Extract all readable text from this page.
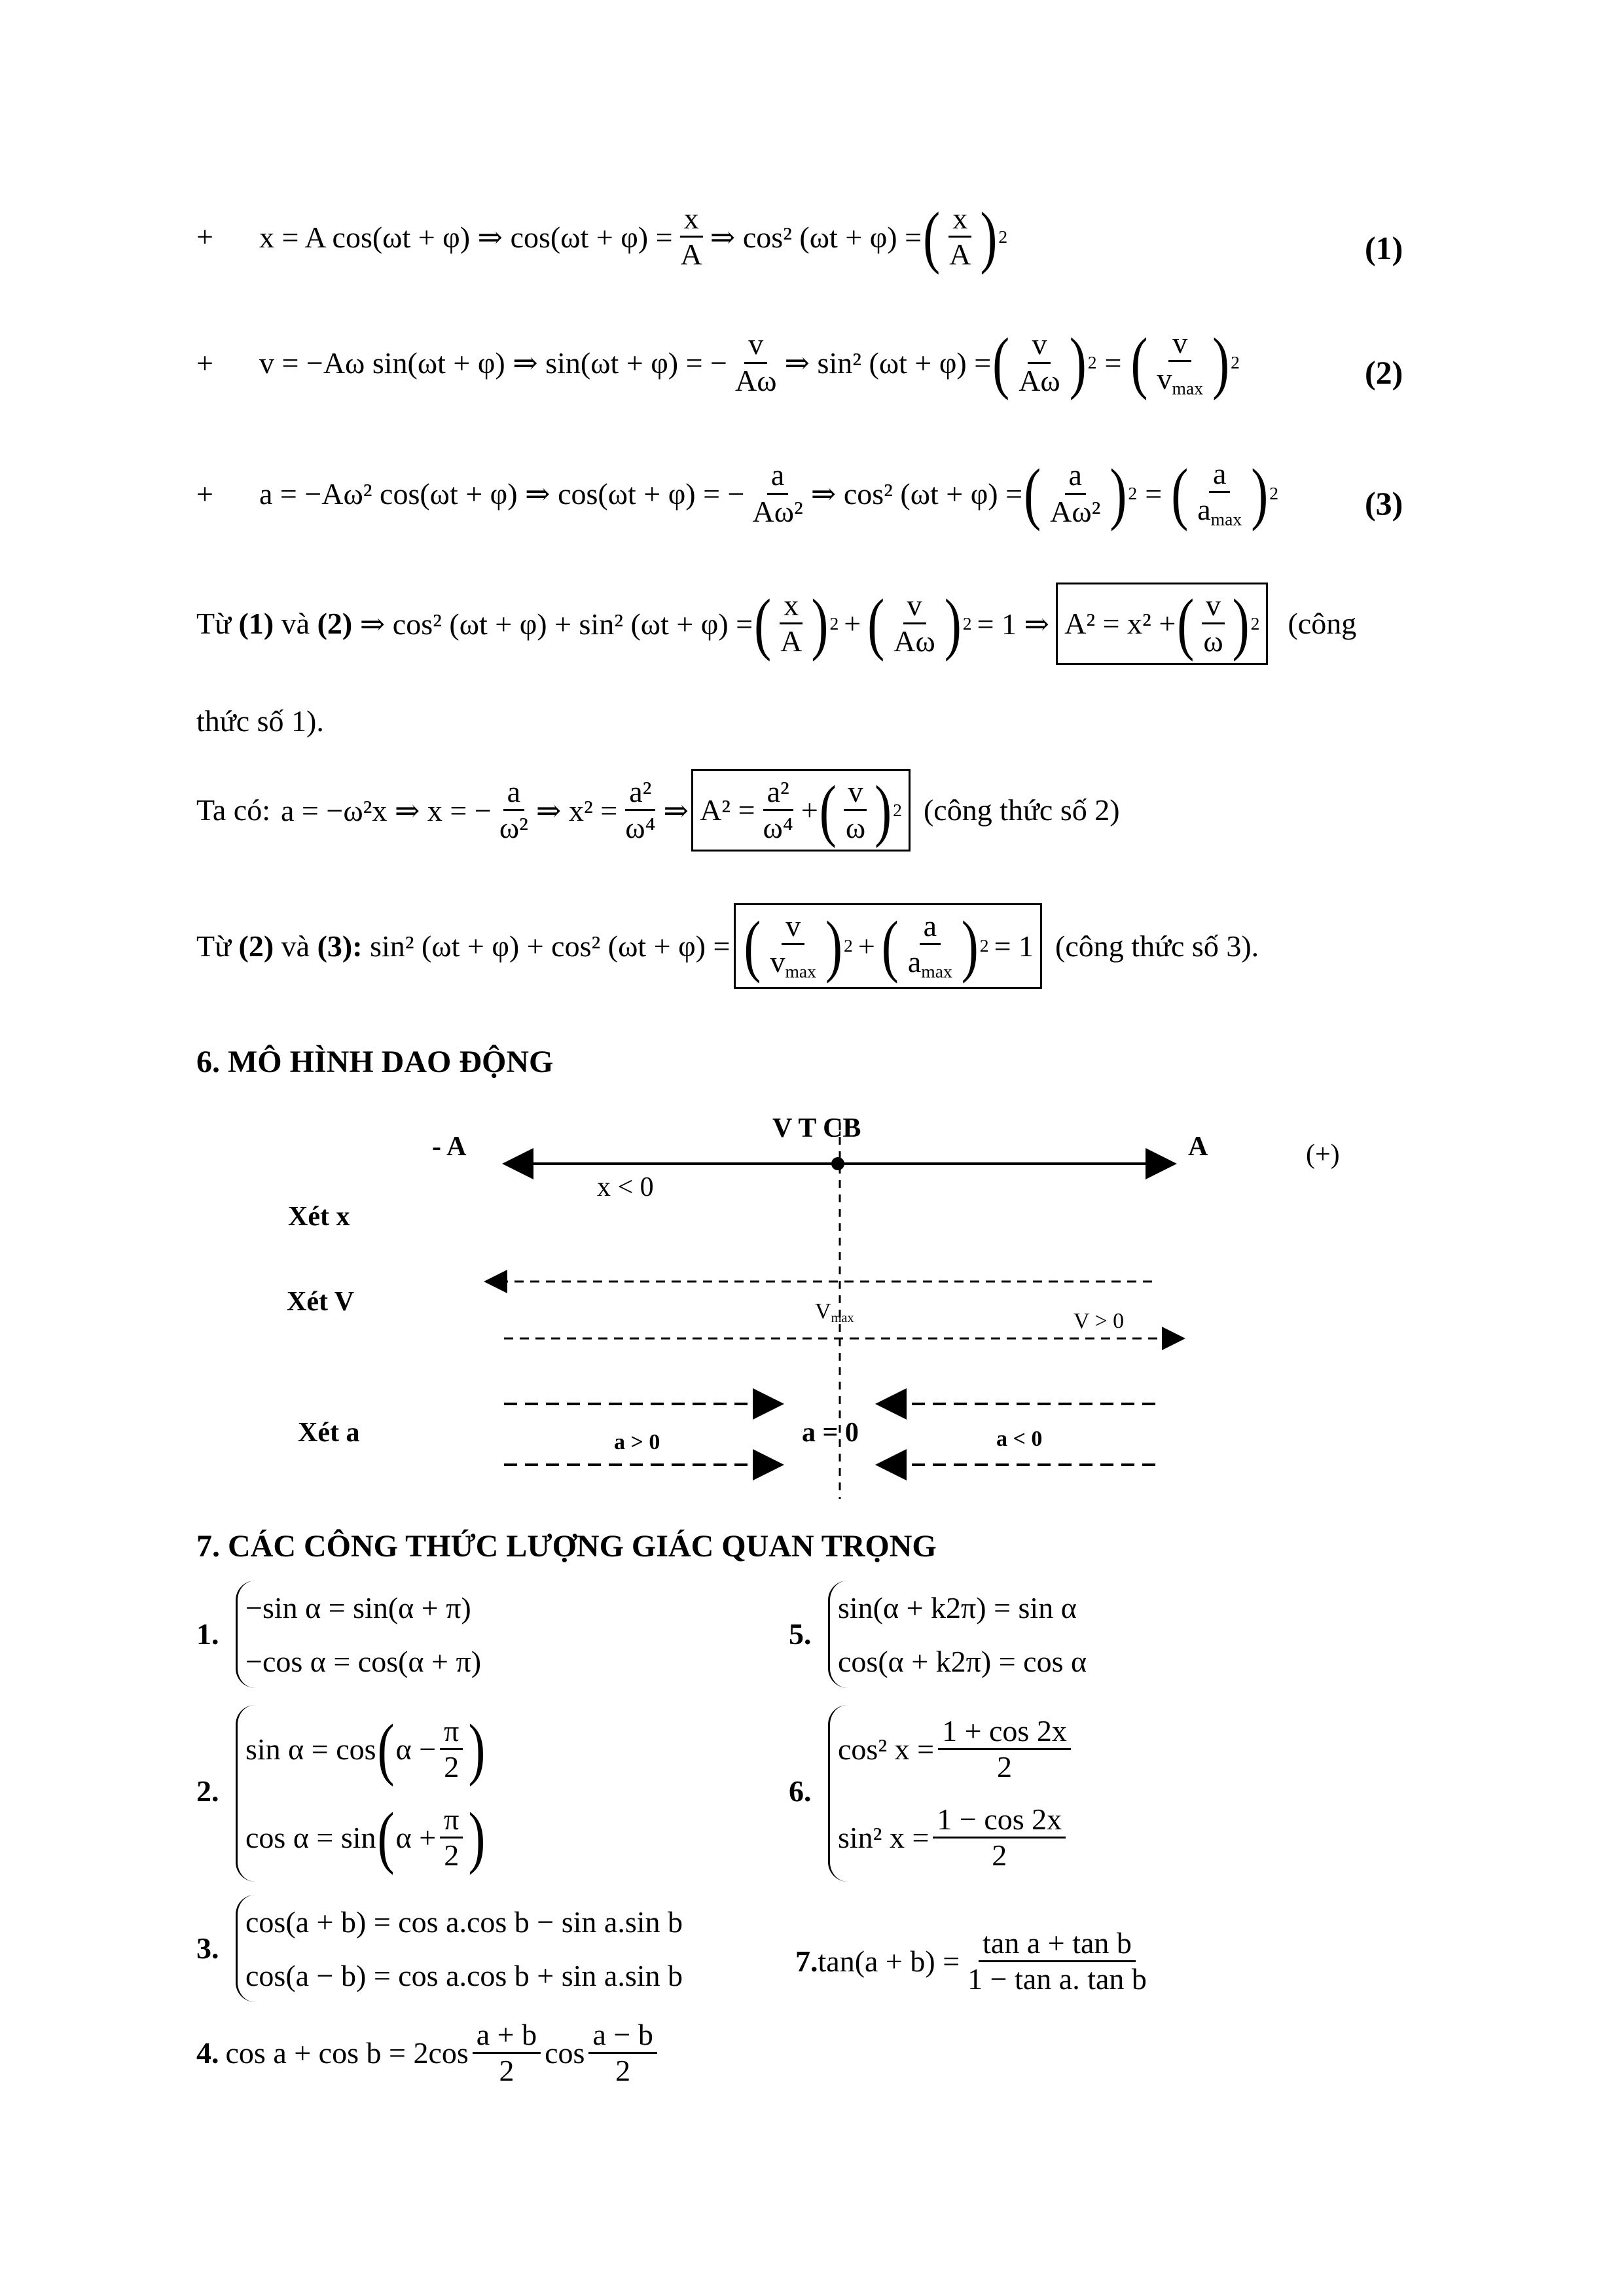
+ x = A cos(ωt + φ) ⇒ $\cos(\omega t + \varphi) = \frac{x}{A}$ ⇒ cos² (ωt + φ) = ( $\frac{x}{A}$ ) 2	(1)
+ v = −Aω sin(ωt + φ) ⇒ sin(ωt + φ) = − $\frac{v}{A\omega}$ ⇒ sin² (ωt + φ) = ( $\frac{v}{A\omega}$ ) 2 = ( $\frac{v}{v_{max}}$ ) 2	(2)
+ a = −Aω² cos(ωt + φ) ⇒ cos(ωt + φ) = − $\frac{a}{\text{Aω²}}$ ⇒ cos² (ωt + φ) = ( $\frac{a}{\text{Aω²}}$ ) 2 = ( $\frac{a}{a_{max}}$ ) 2	(3)
Từ
(1)
và
(2)
⇒ cos² (ωt + φ) + sin² (ωt + φ) = ( $\frac{x}{A}$ ) 2 + ( $\frac{v}{A\omega}$ ) 2 = 1 ⇒ A² = x² + ( $\frac{v}{\omega}$ ) 2 (công
thức số 1).
Ta có: a = −ω²x ⇒ x = − $\frac{a}{\text{ω²}}$ ⇒ $x^2 = \frac{\text{a²}}{\text{ω⁴}}$ ⇒ $A^2 = \frac{\text{a²}}{\text{ω⁴}}$ + ( $\frac{v}{\omega}$ ) 2 (công thức số 2)
Từ
(2)
và
(3):
sin² (ωt + φ) + cos² (ωt + φ) = ( $\frac{v}{v_{max}}$ ) 2 + ( $\frac{a}{a_{max}}$ ) 2 = 1 (công thức số 3).
6. MÔ HÌNH DAO ĐỘNG
- A
V T CB
A	(+)
x < 0
Xét x
Xét V	$V_{max}$	V > 0
Xét a	a > 0	a = 0	a < 0
7. CÁC CÔNG THỨC LƯỢNG GIÁC QUAN TRỌNG
1.
−sin α = sin(α + π)
−cos α = cos(α + π)
2.
sin α = cos ( $\alpha - \frac{\pi}{2}$ )
cos α = sin ( $\alpha + \frac{\pi}{2}$ )
3.
cos(a + b) = cos a.cos b − sin a.sin b
cos(a − b) = cos a.cos b + sin a.sin b
4. $\cos a + \cos b = 2\cos \frac{a + b}{2}$ $\cos \frac{a - b}{2}$
5.
sin(α + k2π) = sin α
cos(α + k2π) = cos α
6.
cos² $x = \frac{1 + \cos 2x}{2}$
sin² $x = \frac{1 - \cos 2x}{2}$
7. $\tan(a + b) = \frac{\text{tan a + tan b}}{\text{1 − tan a. tan b}}$
